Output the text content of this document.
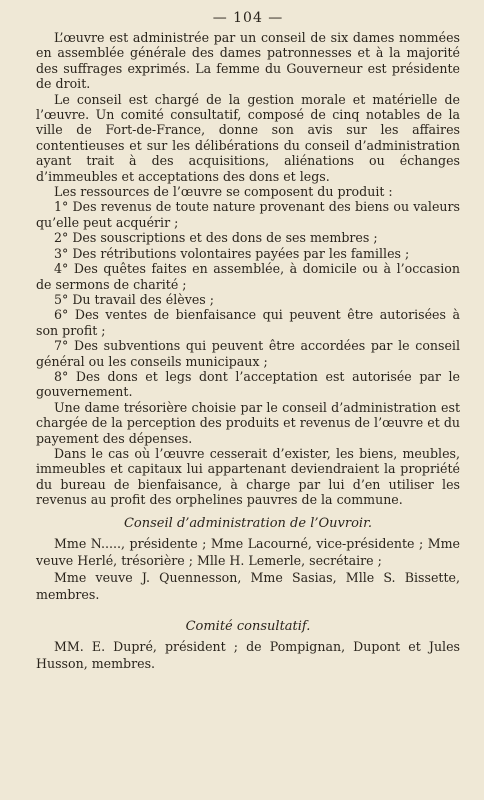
— 104 —

L’œuvre est administrée par un conseil de six dames nommées en assemblée générale des dames patronnesses et à la majorité des suffrages exprimés. La femme du Gouverneur est présidente de droit.

Le conseil est chargé de la gestion morale et matérielle de l’œuvre. Un comité consultatif, composé de cinq notables de la ville de Fort-de-France, donne son avis sur les affaires contentieuses et sur les délibérations du conseil d’administration ayant trait à des acquisitions, aliénations ou échanges d’immeubles et acceptations des dons et legs.

Les ressources de l’œuvre se composent du produit :

1° Des revenus de toute nature provenant des biens ou valeurs qu’elle peut acquérir ;

2° Des souscriptions et des dons de ses membres ;

3° Des rétributions volontaires payées par les familles ;

4° Des quêtes faites en assemblée, à domicile ou à l’occasion de sermons de charité ;

5° Du travail des élèves ;

6° Des ventes de bienfaisance qui peuvent être autorisées à son profit ;

7° Des subventions qui peuvent être accordées par le conseil général ou les conseils municipaux ;

8° Des dons et legs dont l’acceptation est autorisée par le gouvernement.

Une dame trésorière choisie par le conseil d’administration est chargée de la perception des produits et revenus de l’œuvre et du payement des dépenses.

Dans le cas où l’œuvre cesserait d’exister, les biens, meubles, immeubles et capitaux lui appartenant deviendraient la propriété du bureau de bienfaisance, à charge par lui d’en utiliser les revenus au profit des orphelines pauvres de la commune.

Conseil d’administration de l’Ouvroir.

Mme N....., présidente ; Mme Lacourné, vice-présidente ; Mme veuve Herlé, trésorière ; Mlle H. Lemerle, secrétaire ;

Mme veuve J. Quennesson, Mme Sasias, Mlle S. Bissette, membres.

Comité consultatif.

MM. E. Dupré, président ; de Pompignan, Dupont et Jules Husson, membres.
